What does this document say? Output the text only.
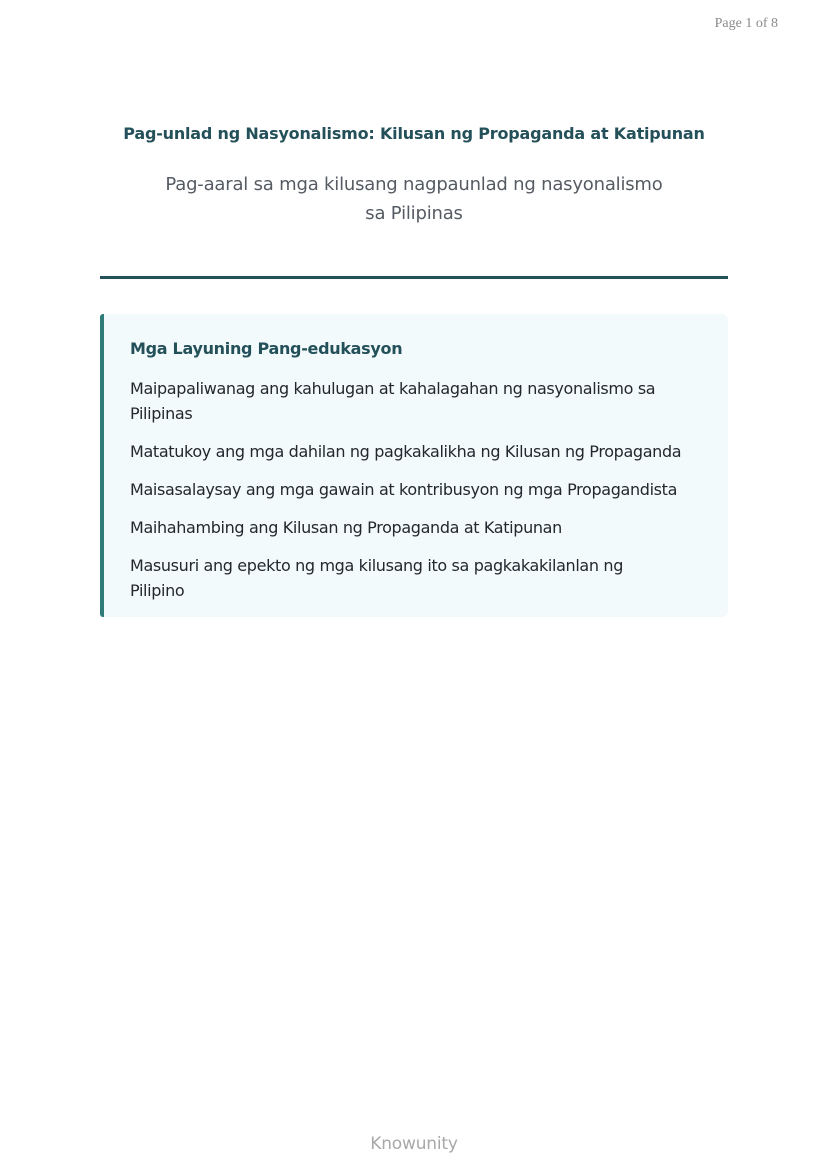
Page 1 of 8
Pag-unlad ng Nasyonalismo: Kilusan ng Propaganda at Katipunan

Pag-aaral sa mga kilusang nagpaunlad ng nasyonalismo sa Pilipinas

Mga Layuning Pang-edukasyon
Maipapaliwanag ang kahulugan at kahalagahan ng nasyonalismo sa Pilipinas
Matatukoy ang mga dahilan ng pagkakalikha ng Kilusan ng Propaganda
Maisasalaysay ang mga gawain at kontribusyon ng mga Propagandista
Maihahambing ang Kilusan ng Propaganda at Katipunan
Masusuri ang epekto ng mga kilusang ito sa pagkakakilanlan ng Pilipino
Knowunity
